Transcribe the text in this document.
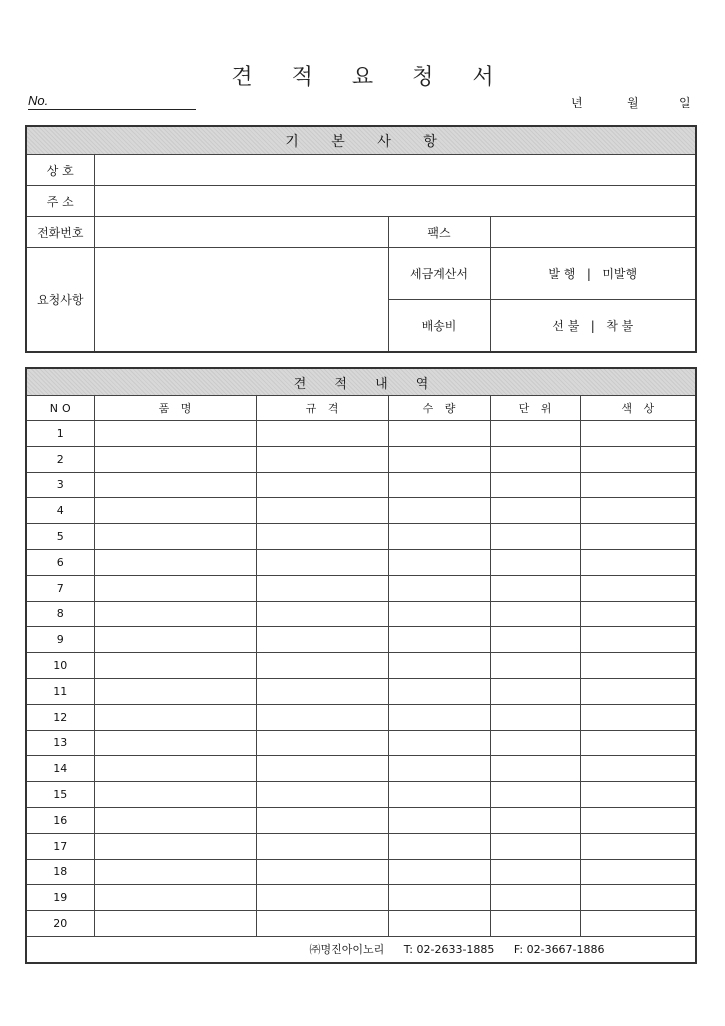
견 적 요 청 서
No.	년	월	일
기 본 사 항			
상 호			
주 소			
전화번호		팩스	
요청사항		세금계산서	발 행   |   미발행
		배송비	선 불   |   착 불
견 적 내 역					
NO	품 명	규 격	수 량	단 위	색 상
1					
2					
3					
4					
5					
6					
7					
8					
9					
10					
11					
12					
13					
14					
15					
16					
17					
18					
19					
20					
㈜명진아이노리 T: 02-2633-1885 F: 02-3667-1886					
